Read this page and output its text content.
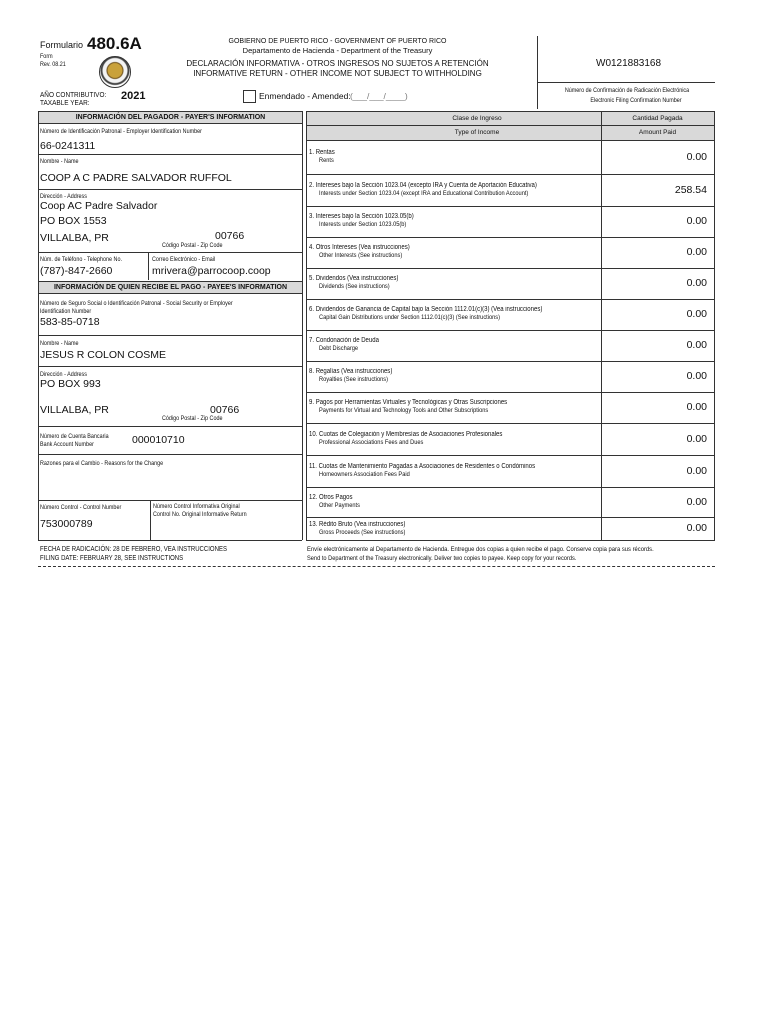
Formulario 480.6A
Form
Rev. 08.21
AÑO CONTRIBUTIVO:
TAXABLE YEAR:
2021
GOBIERNO DE PUERTO RICO - GOVERNMENT OF PUERTO RICO
Departamento de Hacienda - Department of the Treasury
DECLARACIÓN INFORMATIVA - OTROS INGRESOS NO SUJETOS A RETENCIÓN
INFORMATIVE RETURN - OTHER INCOME NOT SUBJECT TO WITHHOLDING
Enmendado - Amended: (___/___/____)
W0121883168
Número de Confirmación de Radicación Electrónica
Electronic Filing Confirmation Number
INFORMACIÓN DEL PAGADOR - PAYER'S INFORMATION
Número de Identificación Patronal - Employer Identification Number
66-0241311
Nombre - Name
COOP A C PADRE SALVADOR RUFFOL
Dirección - Address
Coop AC Padre Salvador
PO BOX 1553
VILLALBA, PR	00766
Código Postal - Zip Code
Núm. de Teléfono - Telephone No.
(787)-847-2660
Correo Electrónico - Email
mrivera@parrocoop.coop
INFORMACIÓN DE QUIEN RECIBE EL PAGO - PAYEE'S INFORMATION
Número de Seguro Social o Identificación Patronal - Social Security or Employer
Identification Number
583-85-0718
Nombre - Name
JESUS R COLON COSME
Dirección - Address
PO BOX 993
VILLALBA, PR	00766
Código Postal - Zip Code
Número de Cuenta Bancaria
Bank Account Number	000010710
Razones para el Cambio - Reasons for the Change
Número Control - Control Number
753000789
Número Control Informativa Original
Control No. Original Informative Return
Clase de Ingreso	Cantidad Pagada
Type of Income	Amount Paid
1. Rentas
Rents	0.00
2. Intereses bajo la Sección 1023.04 (excepto IRA y Cuenta de Aportación Educativa)
Interests under Section 1023.04 (except IRA and Educational Contribution Account)	258.54
3. Intereses bajo la Sección 1023.05(b)
Interests under Section 1023.05(b)	0.00
4. Otros Intereses (Vea instrucciones)
Other Interests (See instructions)	0.00
5. Dividendos (Vea instrucciones)
Dividends (See instructions)	0.00
6. Dividendos de Ganancia de Capital bajo la Sección 1112.01(c)(3) (Vea instrucciones)
Capital Gain Distributions under Section 1112.01(c)(3) (See instructions)	0.00
7. Condonación de Deuda
Debt Discharge	0.00
8. Regalías (Vea instrucciones)
Royalties (See instructions)	0.00
9. Pagos por Herramientas Virtuales y Tecnológicas y Otras Suscripciones
Payments for Virtual and Technology Tools and Other Subscriptions	0.00
10. Cuotas de Colegiación y Membresías de Asociaciones Profesionales
Professional Associations Fees and Dues	0.00
11. Cuotas de Mantenimiento Pagadas a Asociaciones de Residentes o Condóminos
Homeowners Association Fees Paid	0.00
12. Otros Pagos
Other Payments	0.00
13. Rédito Bruto (Vea instrucciones)
Gross Proceeds (See instructions)	0.00
FECHA DE RADICACIÓN: 28 DE FEBRERO, VEA INSTRUCCIONES
FILING DATE: FEBRUARY 28, SEE INSTRUCTIONS
Envíe electrónicamente al Departamento de Hacienda. Entregue dos copias a quien recibe el pago. Conserve copia para sus récords.
Send to Department of the Treasury electronically. Deliver two copies to payee. Keep copy for your records.
